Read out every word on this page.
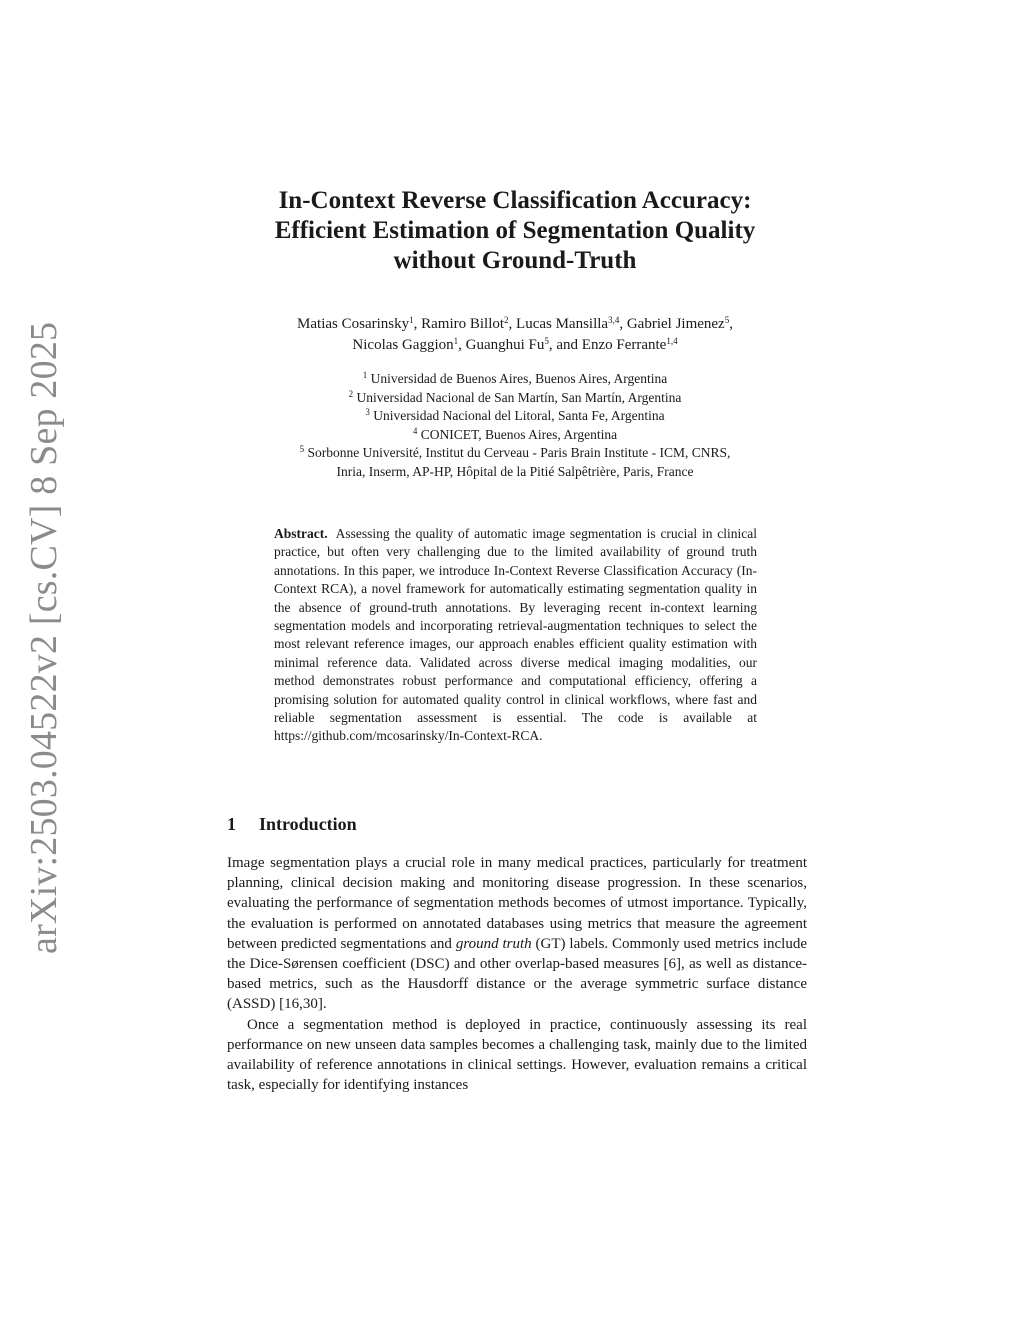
arXiv:2503.04522v2 [cs.CV] 8 Sep 2025
In-Context Reverse Classification Accuracy:
Efficient Estimation of Segmentation Quality
without Ground-Truth
Matias Cosarinsky$^1$, Ramiro Billot$^2$, Lucas Mansilla$^{3,4}$, Gabriel Jimenez$^5$,
Nicolas Gaggion$^1$, Guanghui Fu$^5$, and Enzo Ferrante$^{1,4}$
$^1$ Universidad de Buenos Aires, Buenos Aires, Argentina
$^2$ Universidad Nacional de San Martín, San Martín, Argentina
$^3$ Universidad Nacional del Litoral, Santa Fe, Argentina
$^4$ CONICET, Buenos Aires, Argentina
$^5$ Sorbonne Université, Institut du Cerveau - Paris Brain Institute - ICM, CNRS,
Inria, Inserm, AP-HP, Hôpital de la Pitié Salpêtrière, Paris, France
Abstract. Assessing the quality of automatic image segmentation is crucial in clinical practice, but often very challenging due to the limited availability of ground truth annotations. In this paper, we introduce In-Context Reverse Classification Accuracy (In-Context RCA), a novel framework for automatically estimating segmentation quality in the absence of ground-truth annotations. By leveraging recent in-context learning segmentation models and incorporating retrieval-augmentation techniques to select the most relevant reference images, our approach enables efficient quality estimation with minimal reference data. Validated across diverse medical imaging modalities, our method demonstrates robust performance and computational efficiency, offering a promising solution for automated quality control in clinical workflows, where fast and reliable segmentation assessment is essential. The code is available at https://github.com/mcosarinsky/In-Context-RCA.
1 Introduction

Image segmentation plays a crucial role in many medical practices, particularly for treatment planning, clinical decision making and monitoring disease progression. In these scenarios, evaluating the performance of segmentation methods becomes of utmost importance. Typically, the evaluation is performed on annotated databases using metrics that measure the agreement between predicted segmentations and ground truth (GT) labels. Commonly used metrics include the Dice-Sørensen coefficient (DSC) and other overlap-based measures [6], as well as distance-based metrics, such as the Hausdorff distance or the average symmetric surface distance (ASSD) [16,30].

Once a segmentation method is deployed in practice, continuously assessing its real performance on new unseen data samples becomes a challenging task, mainly due to the limited availability of reference annotations in clinical settings. However, evaluation remains a critical task, especially for identifying instances
